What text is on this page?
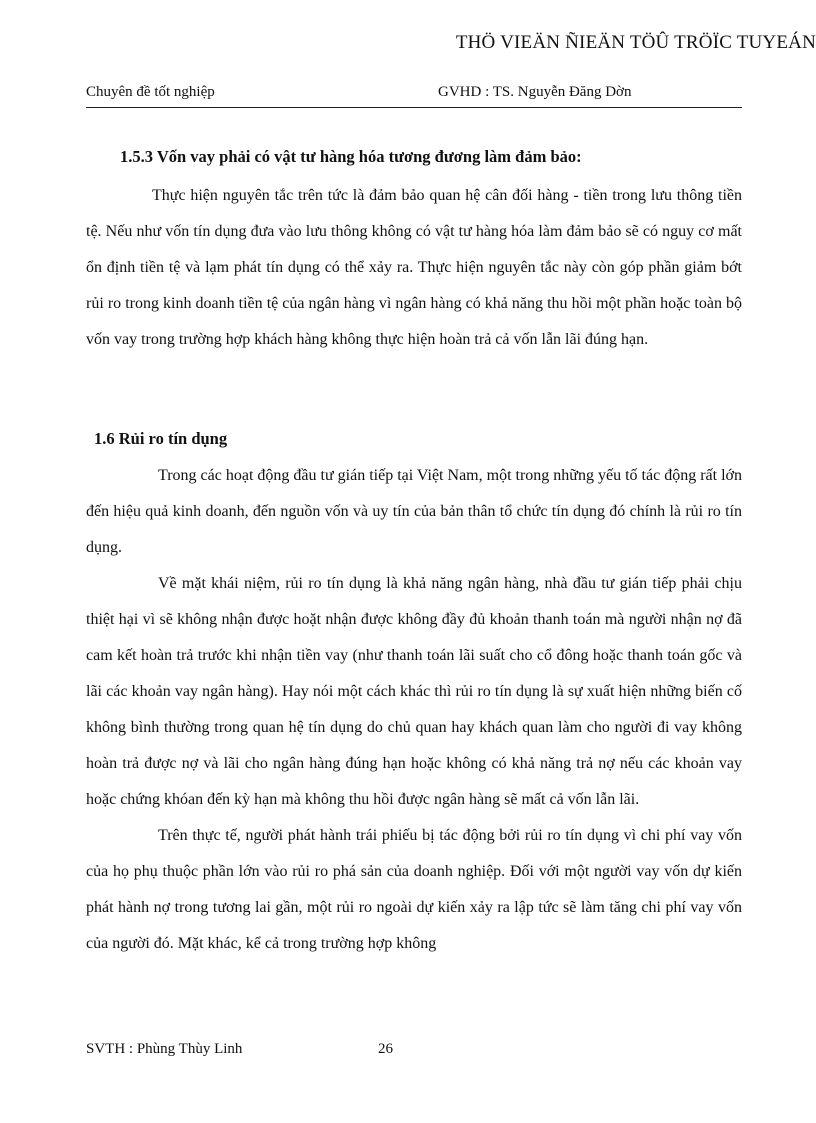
THÖ VIEÄN ÑIEÄN TÖÛ TRÖÏC TUYEÁN
Chuyên đề tốt nghiệp	GVHD : TS. Nguyễn Đăng Dờn
1.5.3 Vốn vay phải có vật tư hàng hóa tương đương làm đảm bảo:

Thực hiện nguyên tắc trên tức là đảm bảo quan hệ cân đối hàng - tiền trong lưu thông tiền tệ. Nếu như vốn tín dụng đưa vào lưu thông không có vật tư hàng hóa làm đảm bảo sẽ có nguy cơ mất ổn định tiền tệ và lạm phát tín dụng có thể xảy ra. Thực hiện nguyên tắc này còn góp phần giảm bớt rủi ro trong kinh doanh tiền tệ của ngân hàng vì ngân hàng có khả năng thu hồi một phần hoặc toàn bộ vốn vay trong trường hợp khách hàng không thực hiện hoàn trả cả vốn lẫn lãi đúng hạn.

1.6 Rủi ro tín dụng

Trong các hoạt động đầu tư gián tiếp tại Việt Nam, một trong những yếu tố tác động rất lớn đến hiệu quả kinh doanh, đến nguồn vốn và uy tín của bản thân tổ chức tín dụng đó chính là rủi ro tín dụng.

Về mặt khái niệm, rủi ro tín dụng là khả năng ngân hàng, nhà đầu tư gián tiếp phải chịu thiệt hại vì sẽ không nhận được hoặt nhận được không đầy đủ khoản thanh toán mà người nhận nợ đã cam kết hoàn trả trước khi nhận tiền vay (như thanh toán lãi suất cho cổ đông hoặc thanh toán gốc và lãi các khoản vay ngân hàng). Hay nói một cách khác thì rủi ro tín dụng là sự xuất hiện những biến cố không bình thường trong quan hệ tín dụng do chủ quan hay khách quan làm cho người đi vay không hoàn trả được nợ và lãi cho ngân hàng đúng hạn hoặc không có khả năng trả nợ nếu các khoản vay hoặc chứng khóan đến kỳ hạn mà không thu hồi được ngân hàng sẽ mất cả vốn lẫn lãi.

Trên thực tế, người phát hành trái phiếu bị tác động bởi rủi ro tín dụng vì chi phí vay vốn của họ phụ thuộc phần lớn vào rủi ro phá sản của doanh nghiệp. Đối với một người vay vốn dự kiến phát hành nợ trong tương lai gần, một rủi ro ngoài dự kiến xảy ra lập tức sẽ làm tăng chi phí vay vốn của người đó. Mặt khác, kể cả trong trường hợp không

SVTH : Phùng Thùy Linh	26
